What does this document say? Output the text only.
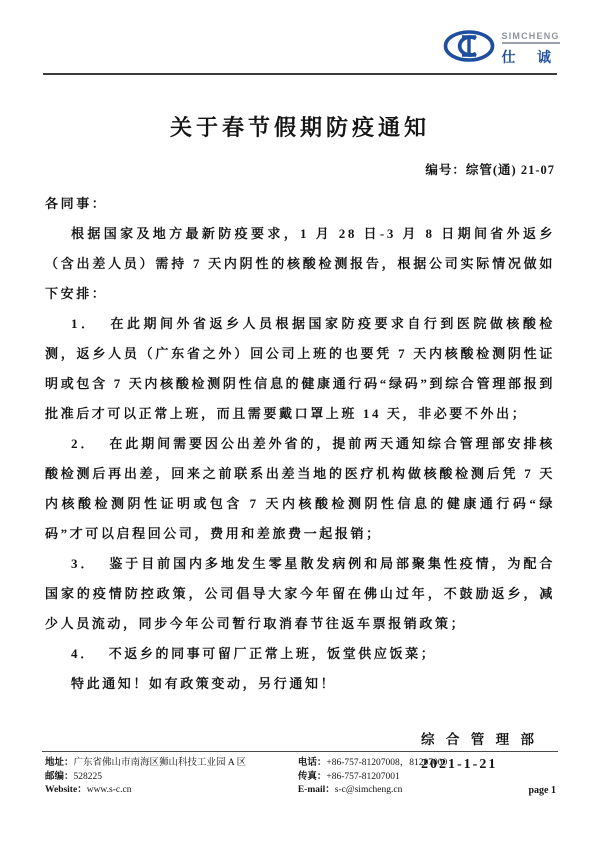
SIMCHENG
仕 诚
关于春节假期防疫通知
编号：综管(通) 21-07

各同事：

根据国家及地方最新防疫要求，1 月 28 日-3 月 8 日期间省外返乡（含出差人员）需持 7 天内阴性的核酸检测报告，根据公司实际情况做如下安排：

1． 在此期间外省返乡人员根据国家防疫要求自行到医院做核酸检测，返乡人员（广东省之外）回公司上班的也要凭 7 天内核酸检测阴性证明或包含 7 天内核酸检测阴性信息的健康通行码“绿码”到综合管理部报到批准后才可以正常上班，而且需要戴口罩上班 14 天，非必要不外出；

2． 在此期间需要因公出差外省的，提前两天通知综合管理部安排核酸检测后再出差，回来之前联系出差当地的医疗机构做核酸检测后凭 7 天内核酸检测阴性证明或包含 7 天内核酸检测阴性信息的健康通行码“绿码”才可以启程回公司，费用和差旅费一起报销；

3． 鉴于目前国内多地发生零星散发病例和局部聚集性疫情，为配合国家的疫情防控政策，公司倡导大家今年留在佛山过年，不鼓励返乡，减少人员流动，同步今年公司暂行取消春节往返车票报销政策；

4． 不返乡的同事可留厂正常上班，饭堂供应饭菜；

特此通知！如有政策变动，另行通知！

综 合 管 理 部
2021-1-21
地址：广东省佛山市南海区狮山科技工业园 A 区
邮编：528225
Website：www.s-c.cn
电话：+86-757-81207008，81207000
传真：+86-757-81207001
E-mail：s-c@simcheng.cn	page 1
